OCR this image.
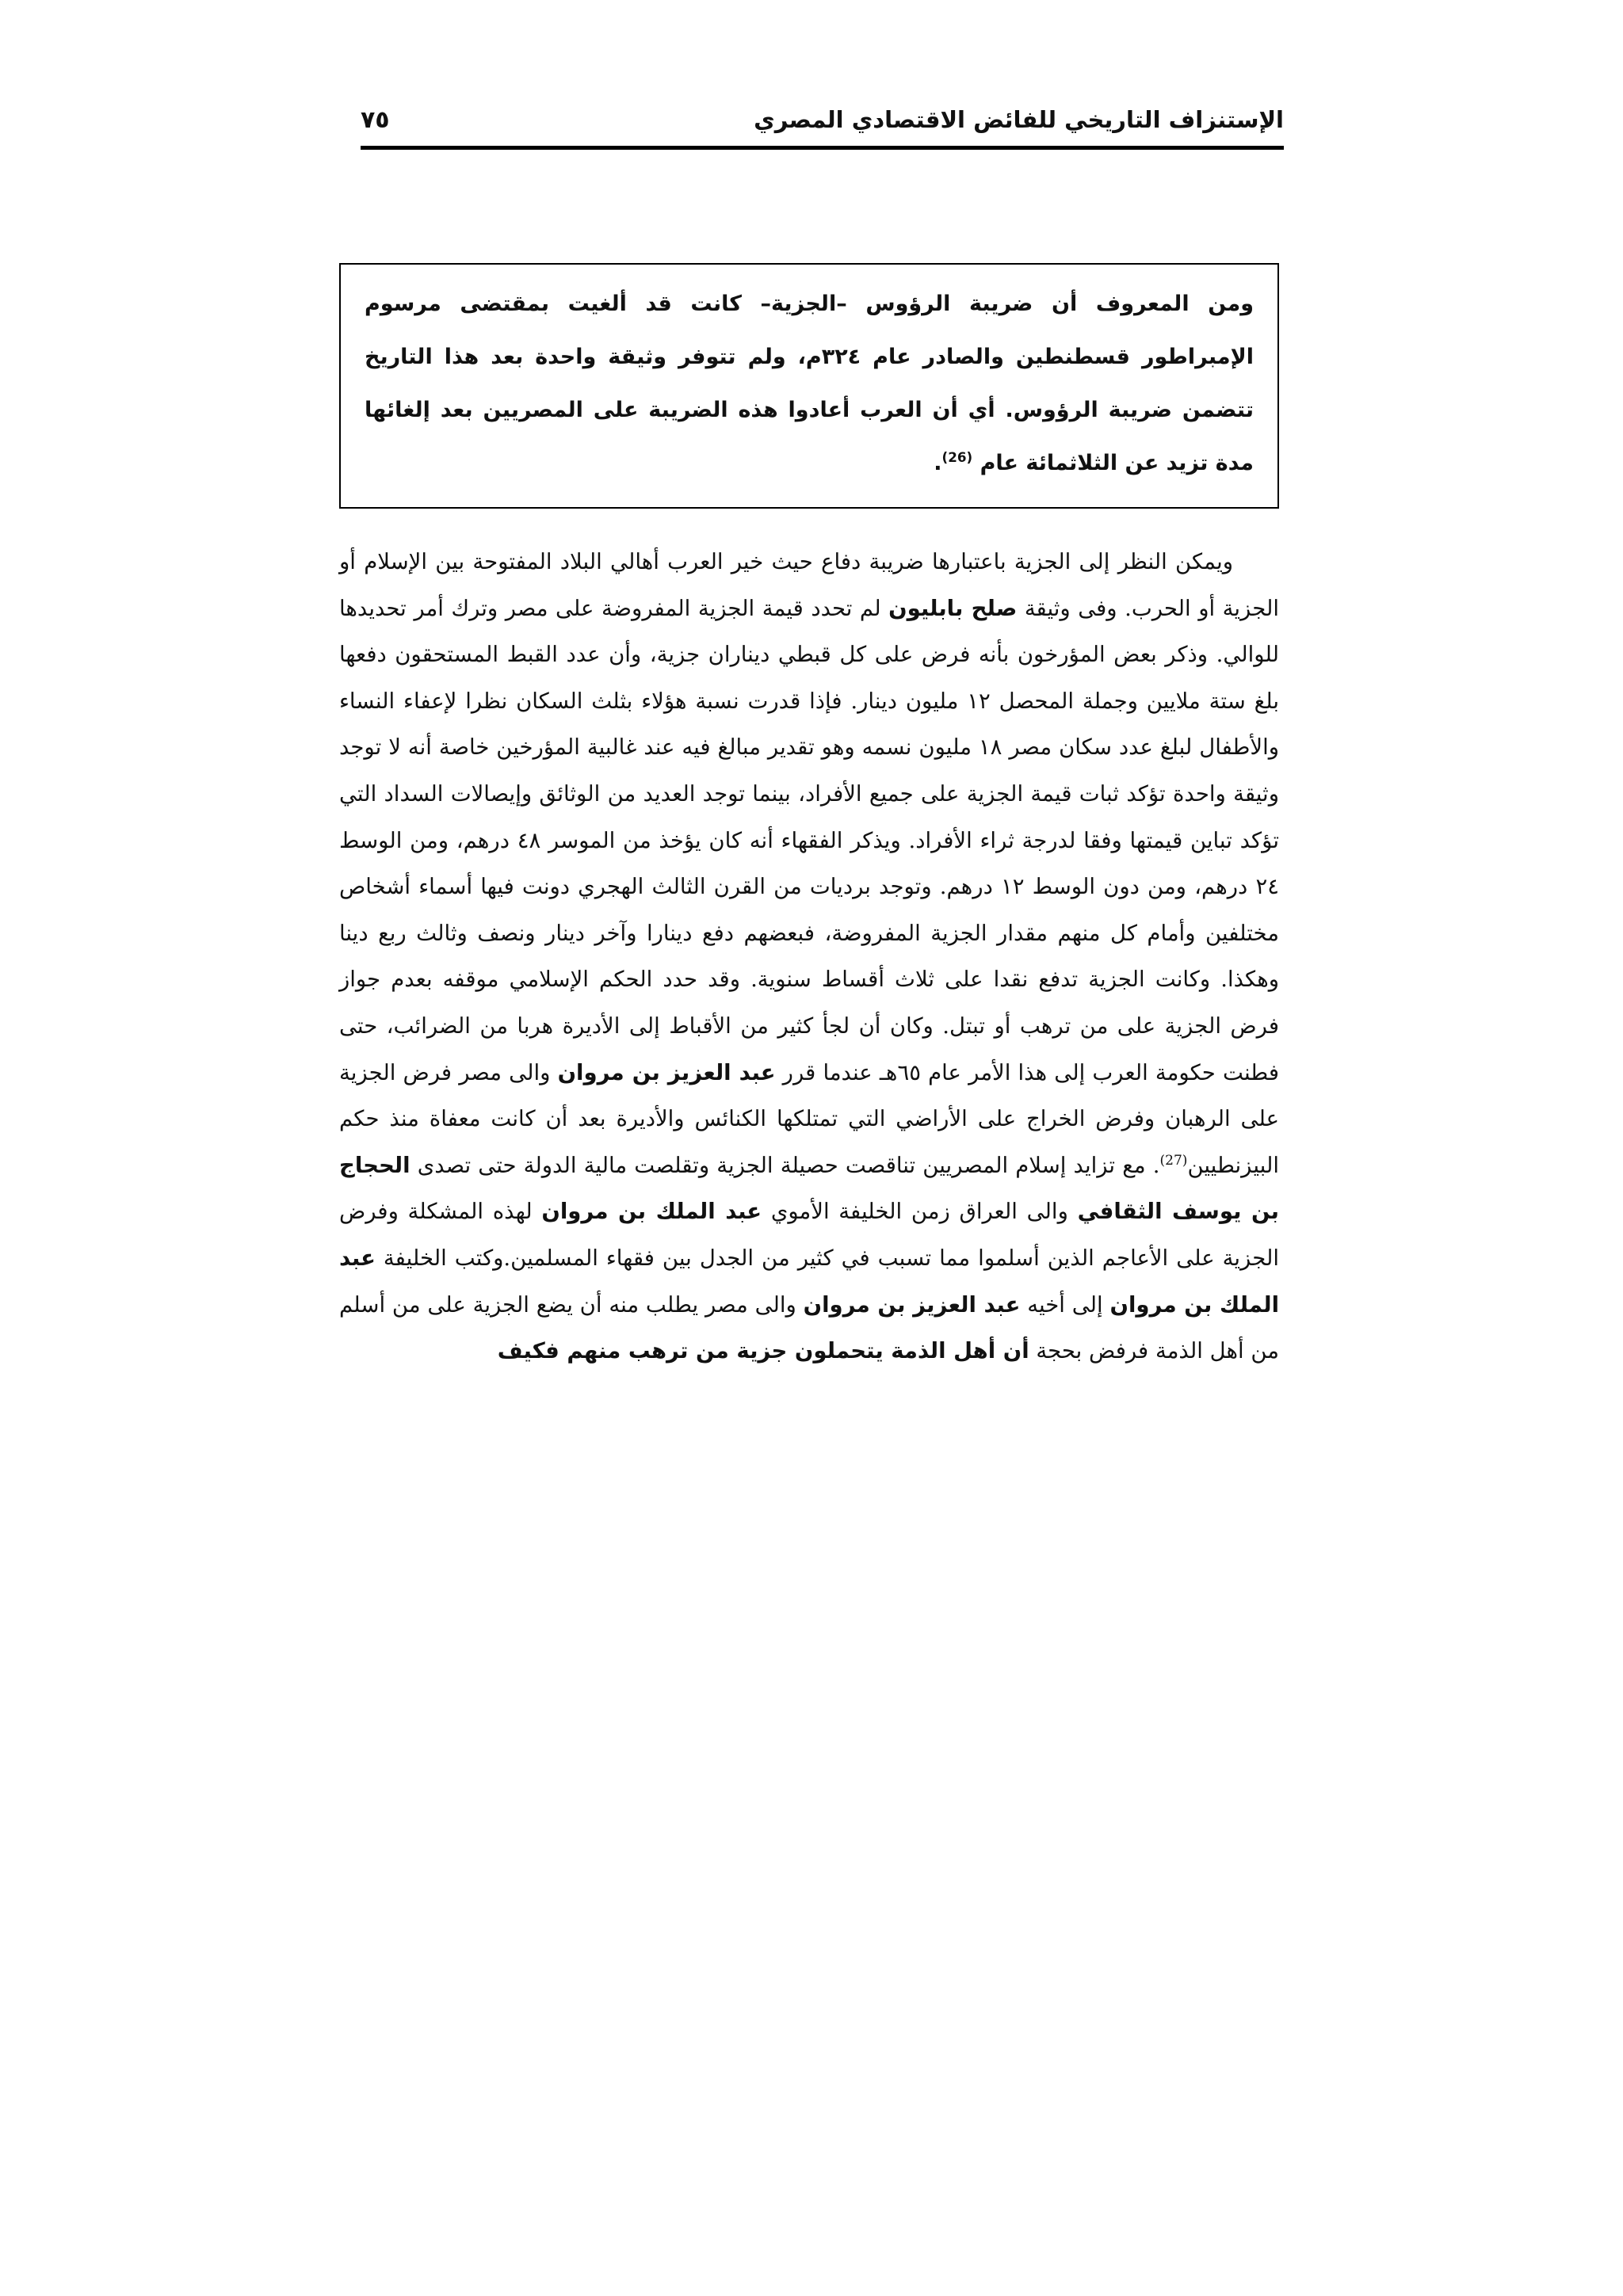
الإستنزاف التاريخي للفائض الاقتصادي المصري
٧٥

ومن المعروف أن ضريبة الرؤوس –الجزية– كانت قد ألغيت بمقتضى مرسوم الإمبراطور قسطنطين والصادر عام ٣٢٤م، ولم تتوفر وثيقة واحدة بعد هذا التاريخ تتضمن ضريبة الرؤوس. أي أن العرب أعادوا هذه الضريبة على المصريين بعد إلغائها مدة تزيد عن الثلاثمائة عام $^{(26)}$.

ويمكن النظر إلى الجزية باعتبارها ضريبة دفاع حيث خير العرب أهالي البلاد المفتوحة بين الإسلام أو الجزية أو الحرب. وفى وثيقة صلح بابليون لم تحدد قيمة الجزية المفروضة على مصر وترك أمر تحديدها للوالي. وذكر بعض المؤرخون بأنه فرض على كل قبطي ديناران جزية، وأن عدد القبط المستحقون دفعها بلغ ستة ملايين وجملة المحصل ١٢ مليون دينار. فإذا قدرت نسبة هؤلاء بثلث السكان نظرا لإعفاء النساء والأطفال لبلغ عدد سكان مصر ١٨ مليون نسمه وهو تقدير مبالغ فيه عند غالبية المؤرخين خاصة أنه لا توجد وثيقة واحدة تؤكد ثبات قيمة الجزية على جميع الأفراد، بينما توجد العديد من الوثائق وإيصالات السداد التي تؤكد تباين قيمتها وفقا لدرجة ثراء الأفراد. ويذكر الفقهاء أنه كان يؤخذ من الموسر ٤٨ درهم، ومن الوسط ٢٤ درهم، ومن دون الوسط ١٢ درهم. وتوجد برديات من القرن الثالث الهجري دونت فيها أسماء أشخاص مختلفين وأمام كل منهم مقدار الجزية المفروضة، فبعضهم دفع دينارا وآخر دينار ونصف وثالث ربع دينا وهكذا. وكانت الجزية تدفع نقدا على ثلاث أقساط سنوية. وقد حدد الحكم الإسلامي موقفه بعدم جواز فرض الجزية على من ترهب أو تبتل. وكان أن لجأ كثير من الأقباط إلى الأديرة هربا من الضرائب، حتى فطنت حكومة العرب إلى هذا الأمر عام ٦٥هـ عندما قرر عبد العزيز بن مروان والى مصر فرض الجزية على الرهبان وفرض الخراج على الأراضي التي تمتلكها الكنائس والأديرة بعد أن كانت معفاة منذ حكم البيزنطيين$^{(27)}$. مع تزايد إسلام المصريين تناقصت حصيلة الجزية وتقلصت مالية الدولة حتى تصدى الحجاج بن يوسف الثقافي والى العراق زمن الخليفة الأموي عبد الملك بن مروان لهذه المشكلة وفرض الجزية على الأعاجم الذين أسلموا مما تسبب في كثير من الجدل بين فقهاء المسلمين.وكتب الخليفة عبد الملك بن مروان إلى أخيه عبد العزيز بن مروان والى مصر يطلب منه أن يضع الجزية على من أسلم من أهل الذمة فرفض بحجة أن أهل الذمة يتحملون جزية من ترهب منهم فكيف
